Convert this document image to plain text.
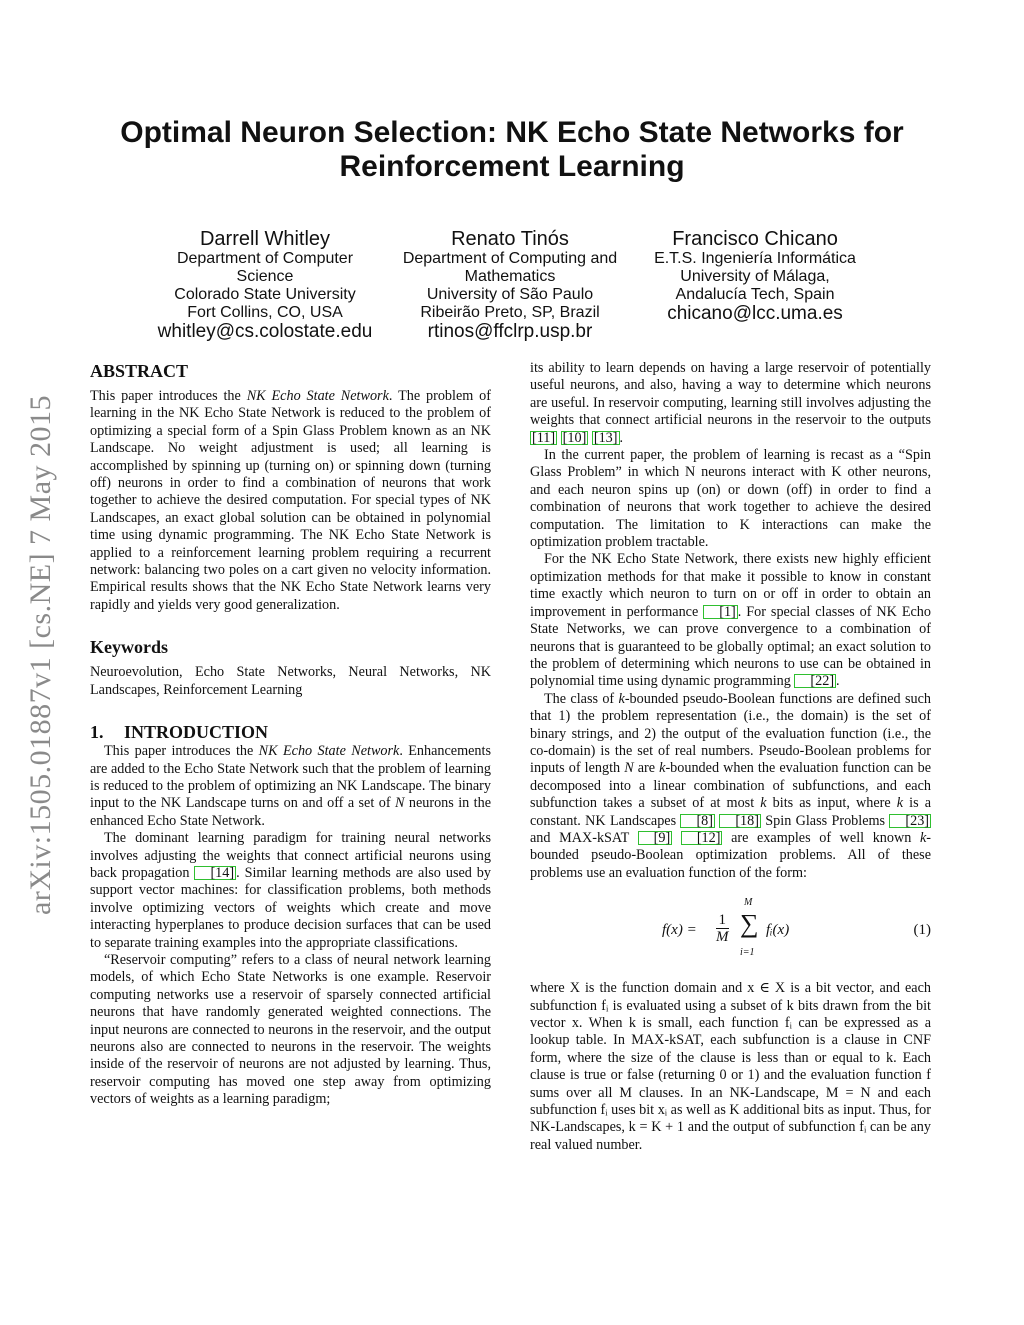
arXiv:1505.01887v1 [cs.NE] 7 May 2015
Optimal Neuron Selection: NK Echo State Networks for
Reinforcement Learning
Darrell Whitley
Department of Computer
Science
Colorado State University
Fort Collins, CO, USA
whitley@cs.colostate.edu
Renato Tinós
Department of Computing and
Mathematics
University of São Paulo
Ribeirão Preto, SP, Brazil
rtinos@ffclrp.usp.br
Francisco Chicano
E.T.S. Ingeniería Informática
University of Málaga,
Andalucía Tech, Spain
chicano@lcc.uma.es
ABSTRACT

This paper introduces the NK Echo State Network. The problem of learning in the NK Echo State Network is reduced to the problem of optimizing a special form of a Spin Glass Problem known as an NK Landscape. No weight adjustment is used; all learning is accomplished by spinning up (turning on) or spinning down (turning off) neurons in order to find a combination of neurons that work together to achieve the desired computation. For special types of NK Landscapes, an exact global solution can be obtained in polynomial time using dynamic programming. The NK Echo State Network is applied to a reinforcement learning problem requiring a recurrent network: balancing two poles on a cart given no velocity information. Empirical results shows that the NK Echo State Network learns very rapidly and yields very good generalization.

Keywords

Neuroevolution, Echo State Networks, Neural Networks, NK Landscapes, Reinforcement Learning

1. INTRODUCTION

This paper introduces the NK Echo State Network. Enhancements are added to the Echo State Network such that the problem of learning is reduced to the problem of optimizing an NK Landscape. The binary input to the NK Landscape turns on and off a set of N neurons in the enhanced Echo State Network.

The dominant learning paradigm for training neural networks involves adjusting the weights that connect artificial neurons using back propagation [14] . Similar learning methods are also used by support vector machines: for classification problems, both methods involve optimizing vectors of weights which create and move interacting hyperplanes to produce decision surfaces that can be used to separate training examples into the appropriate classifications.

“Reservoir computing” refers to a class of neural network learning models, of which Echo State Networks is one example. Reservoir computing networks use a reservoir of sparsely connected artificial neurons that have randomly generated weighted connections. The input neurons are connected to neurons in the reservoir, and the output neurons also are connected to neurons in the reservoir. The weights inside of the reservoir of neurons are not adjusted by learning. Thus, reservoir computing has moved one step away from optimizing vectors of weights as a learning paradigm;

its ability to learn depends on having a large reservoir of potentially useful neurons, and also, having a way to determine which neurons are useful. In reservoir computing, learning still involves adjusting the weights that connect artificial neurons in the reservoir to the outputs [11] [10] [13] .

In the current paper, the problem of learning is recast as a “Spin Glass Problem” in which N neurons interact with K other neurons, and each neuron spins up (on) or down (off) in order to find a combination of neurons that work together to achieve the desired computation. The limitation to K interactions can make the optimization problem tractable.

For the NK Echo State Network, there exists new highly efficient optimization methods for that make it possible to know in constant time exactly which neuron to turn on or off in order to obtain an improvement in performance [1] . For special classes of NK Echo State Networks, we can prove convergence to a combination of neurons that is guaranteed to be globally optimal; an exact solution to the problem of determining which neurons to use can be obtained in polynomial time using dynamic programming [22] .

The class of k-bounded pseudo-Boolean functions are defined such that 1) the problem representation (i.e., the domain) is the set of binary strings, and 2) the output of the evaluation function (i.e., the co-domain) is the set of real numbers. Pseudo-Boolean problems for inputs of length N are k-bounded when the evaluation function can be decomposed into a linear combination of subfunctions, and each subfunction takes a subset of at most k bits as input, where k is a constant. NK Landscapes [8] [18] Spin Glass Problems [23] and MAX-kSAT [9] [12] are examples of well known k-bounded pseudo-Boolean optimization problems. All of these problems use an evaluation function of the form:

$f(x) = \frac{1}{M}$
M
∑
i=1
fᵢ(x)	(1)

where X is the function domain and x ∈ X is a bit vector, and each subfunction fᵢ is evaluated using a subset of k bits drawn from the bit vector x. When k is small, each function fᵢ can be expressed as a lookup table. In MAX-kSAT, each subfunction is a clause in CNF form, where the size of the clause is less than or equal to k. Each clause is true or false (returning 0 or 1) and the evaluation function f sums over all M clauses. In an NK-Landscape, M = N and each subfunction fᵢ uses bit xᵢ as well as K additional bits as input. Thus, for NK-Landscapes, k = K + 1 and the output of subfunction fᵢ can be any real valued number.
